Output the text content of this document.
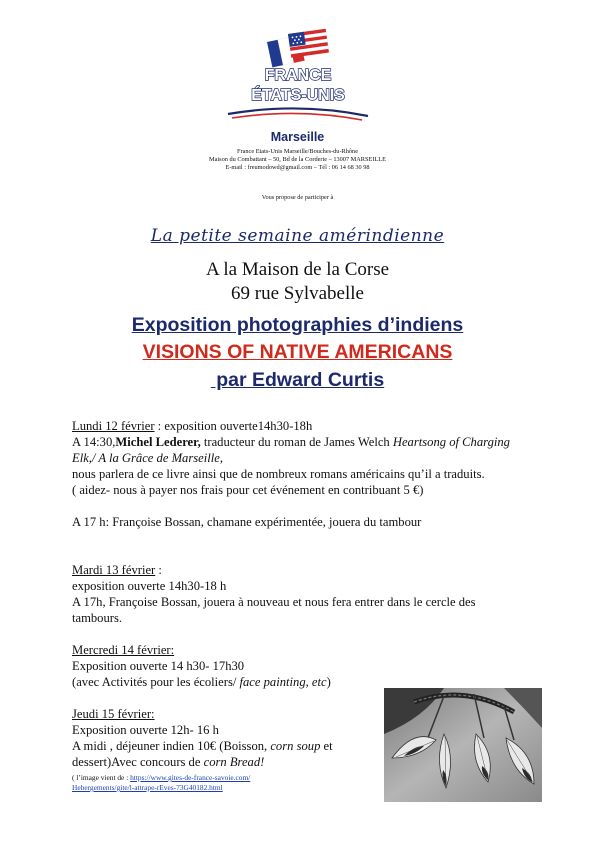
FRANCE
ÉTATS-UNIS
Marseille
France Etats-Unis Marseille/Bouches-du-Rhône
Maison du Combattant – 50, Bd de la Corderie – 13007 MARSEILLE
E-mail : freumodowd@gmail.com – Tél : 06 14 68 30 98
Vous propose de participer à
La petite semaine amérindienne
A la Maison de la Corse
69 rue Sylvabelle
Exposition photographies d’indiens
VISIONS OF NATIVE AMERICANS
par Edward Curtis

Lundi 12 février : exposition ouverte14h30-18h

A 14:30,Michel Lederer, traducteur du roman de James Welch Heartsong of Charging Elk,/ A la Grâce de Marseille,

nous parlera de ce livre ainsi que de nombreux romans américains qu’il a traduits.

( aidez- nous à payer nos frais pour cet événement en contribuant 5 €)

A 17 h: Françoise Bossan, chamane expérimentée, jouera du tambour

Mardi 13 février :

exposition ouverte 14h30-18 h

A 17h, Françoise Bossan, jouera à nouveau et nous fera entrer dans le cercle des tambours.

Mercredi 14 février:

Exposition ouverte 14 h30- 17h30

(avec Activités pour les écoliers/ face painting, etc)

Jeudi 15 février:

Exposition ouverte 12h- 16 h

A midi , déjeuner indien 10€ (Boisson, corn soup et

dessert)Avec concours de corn Bread!

( l’image vient de : https://www.gites-de-france-savoie.com/
Hebergements/gite/l-attrape-rEves-73G40182.html
